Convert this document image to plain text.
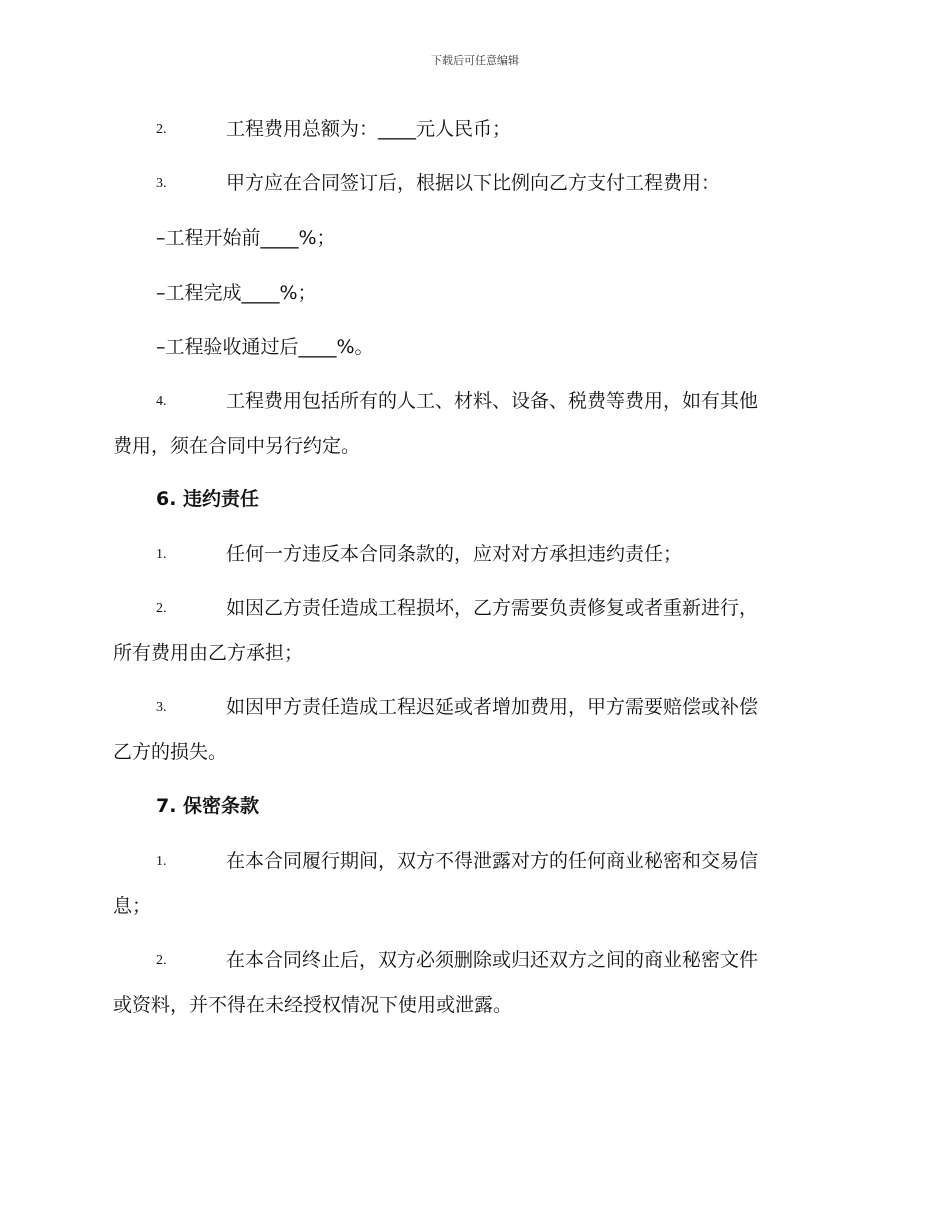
下载后可任意编辑
2.	工程费用总额为：____元人民币；
3.	甲方应在合同签订后，根据以下比例向乙方支付工程费用：
–工程开始前____%；
–工程完成____%；
–工程验收通过后____%。
4.	工程费用包括所有的人工、材料、设备、税费等费用，如有其他
费用，须在合同中另行约定。
6. 违约责任
1.	任何一方违反本合同条款的，应对对方承担违约责任；
2.	如因乙方责任造成工程损坏，乙方需要负责修复或者重新进行，
所有费用由乙方承担；
3.	如因甲方责任造成工程迟延或者增加费用，甲方需要赔偿或补偿
乙方的损失。
7. 保密条款
1.	在本合同履行期间，双方不得泄露对方的任何商业秘密和交易信
息；
2.	在本合同终止后，双方必须删除或归还双方之间的商业秘密文件
或资料，并不得在未经授权情况下使用或泄露。
